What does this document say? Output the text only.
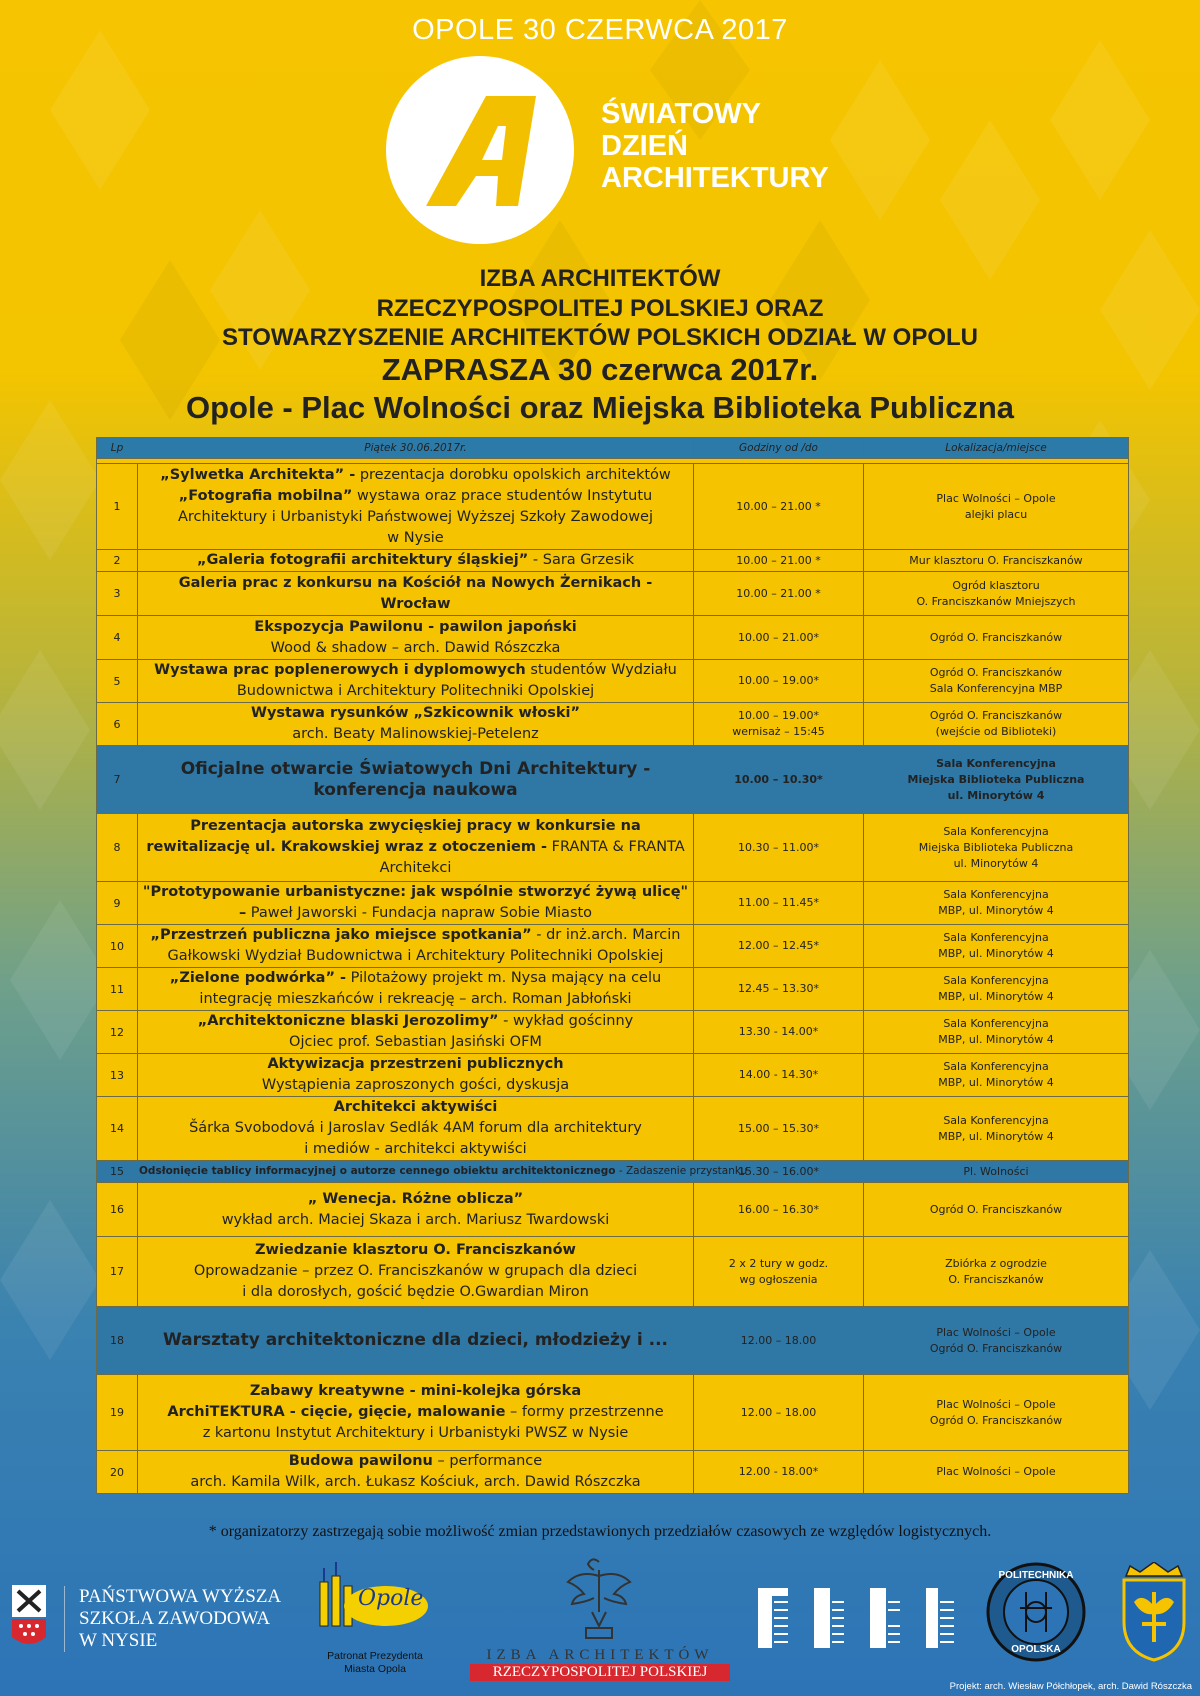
OPOLE 30 CZERWCA 2017
ŚWIATOWY
DZIEŃ
ARCHITEKTURY
IZBA ARCHITEKTÓW
RZECZYPOSPOLITEJ POLSKIEJ ORAZ
STOWARZYSZENIE ARCHITEKTÓW POLSKICH ODZIAŁ W OPOLU
ZAPRASZA 30 czerwca 2017r.
Opole - Plac Wolności oraz Miejska Biblioteka Publiczna
Lp	Piątek 30.06.2017r.	Godziny od /do	Lokalizacja/miejsce

1	„Sylwetka Architekta” - prezentacja dorobku opolskich architektów
„Fotografia mobilna” wystawa oraz prace studentów Instytutu Architektury i Urbanistyki Państwowej Wyższej Szkoły Zawodowej
w Nysie	10.00 – 21.00 *	Plac Wolności – Opole
alejki placu
2	„Galeria fotografii architektury śląskiej” - Sara Grzesik	10.00 – 21.00 *	Mur klasztoru O. Franciszkanów
3	Galeria prac z konkursu na Kościół na Nowych Żernikach - Wrocław	10.00 – 21.00 *	Ogród klasztoru
O. Franciszkanów Mniejszych
4	Ekspozycja Pawilonu - pawilon japoński
Wood & shadow – arch. Dawid Rószczka	10.00 – 21.00*	Ogród O. Franciszkanów
5	Wystawa prac poplenerowych i dyplomowych studentów Wydziału Budownictwa i Architektury Politechniki Opolskiej	10.00 – 19.00*	Ogród O. Franciszkanów
Sala Konferencyjna MBP
6	Wystawa rysunków „Szkicownik włoski”
arch. Beaty Malinowskiej-Petelenz	10.00 – 19.00*
wernisaż – 15:45	Ogród O. Franciszkanów
(wejście od Biblioteki)
7	Oficjalne otwarcie Światowych Dni Architektury - konferencja naukowa	10.00 – 10.30*	Sala Konferencyjna
Miejska Biblioteka Publiczna
ul. Minorytów 4
8	Prezentacja autorska zwycięskiej pracy w konkursie na rewitalizację ul. Krakowskiej wraz z otoczeniem - FRANTA & FRANTA Architekci	10.30 – 11.00*	Sala Konferencyjna
Miejska Biblioteka Publiczna
ul. Minorytów 4
9	"Prototypowanie urbanistyczne: jak wspólnie stworzyć żywą ulicę" – Paweł Jaworski - Fundacja napraw Sobie Miasto	11.00 – 11.45*	Sala Konferencyjna
MBP, ul. Minorytów 4
10	„Przestrzeń publiczna jako miejsce spotkania” - dr inż.arch. Marcin Gałkowski Wydział Budownictwa i Architektury Politechniki Opolskiej	12.00 – 12.45*	Sala Konferencyjna
MBP, ul. Minorytów 4
11	„Zielone podwórka” - Pilotażowy projekt m. Nysa mający na celu integrację mieszkańców i rekreację – arch. Roman Jabłoński	12.45 – 13.30*	Sala Konferencyjna
MBP, ul. Minorytów 4
12	„Architektoniczne blaski Jerozolimy” - wykład gościnny
Ojciec prof. Sebastian Jasiński OFM	13.30 - 14.00*	Sala Konferencyjna
MBP, ul. Minorytów 4
13	Aktywizacja przestrzeni publicznych
Wystąpienia zaproszonych gości, dyskusja	14.00 - 14.30*	Sala Konferencyjna
MBP, ul. Minorytów 4
14	Architekci aktywiści
Šárka Svobodová i Jaroslav Sedlák 4AM forum dla architektury
i mediów - architekci aktywiści	15.00 – 15.30*	Sala Konferencyjna
MBP, ul. Minorytów 4
15	Odsłonięcie tablicy informacyjnej o autorze cennego obiektu architektonicznego - Zadaszenie przystanku	15.30 – 16.00*	Pl. Wolności
16	„ Wenecja. Różne oblicza”
wykład arch. Maciej Skaza i arch. Mariusz Twardowski	16.00 – 16.30*	Ogród O. Franciszkanów
17	Zwiedzanie klasztoru O. Franciszkanów
Oprowadzanie – przez O. Franciszkanów w grupach dla dzieci
i dla dorosłych, gościć będzie O.Gwardian Miron	2 x 2 tury w godz.
wg ogłoszenia	Zbiórka z ogrodzie
O. Franciszkanów
18	Warsztaty architektoniczne dla dzieci, młodzieży i ...	12.00 – 18.00	Plac Wolności – Opole
Ogród O. Franciszkanów
19	Zabawy kreatywne - mini-kolejka górska
ArchiTEKTURA - cięcie, gięcie, malowanie – formy przestrzenne
z kartonu Instytut Architektury i Urbanistyki PWSZ w Nysie	12.00 – 18.00	Plac Wolności – Opole
Ogród O. Franciszkanów
20	Budowa pawilonu – performance
arch. Kamila Wilk, arch. Łukasz Kościuk, arch. Dawid Rószczka	12.00 - 18.00*	Plac Wolności – Opole
* organizatorzy zastrzegają sobie możliwość zmian przedstawionych przedziałów czasowych ze względów logistycznych.
PAŃSTWOWA WYŻSZA
SZKOŁA ZAWODOWA
W NYSIE
Opole
Patronat Prezydenta
Miasta Opola
IZBA ARCHITEKTÓW
RZECZYPOSPOLITEJ POLSKIEJ
POLITECHNIKA
OPOLSKA
Projekt: arch. Wiesław Półchłopek, arch. Dawid Rószczka
